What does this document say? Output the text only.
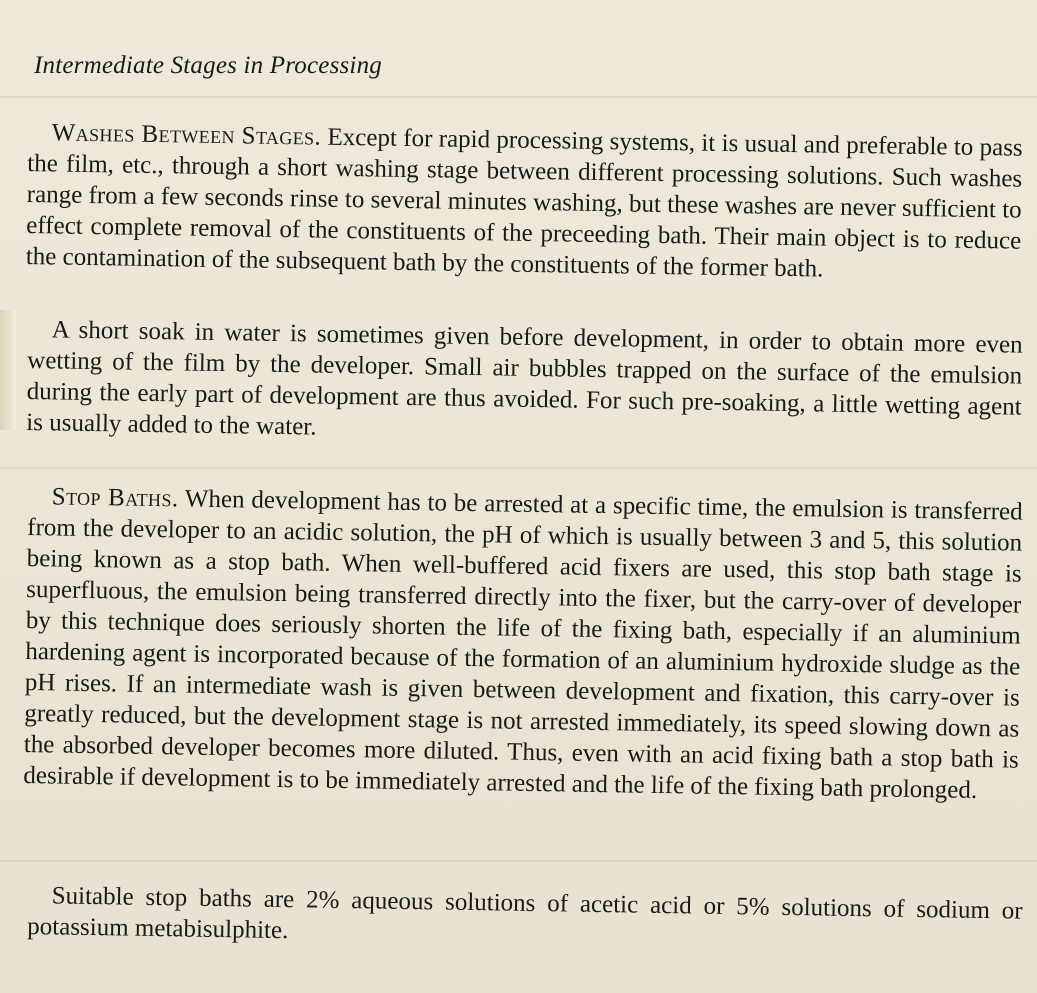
Intermediate Stages in Processing

Washes Between Stages. Except for rapid processing systems, it is usual and preferable to pass the film, etc., through a short washing stage between different processing solutions. Such washes range from a few seconds rinse to several minutes washing, but these washes are never sufficient to effect complete removal of the constituents of the preceeding bath. Their main object is to reduce the contamination of the subsequent bath by the constituents of the former bath.

A short soak in water is sometimes given before development, in order to obtain more even wetting of the film by the developer. Small air bubbles trapped on the surface of the emulsion during the early part of development are thus avoided. For such pre-soaking, a little wetting agent is usually added to the water.

Stop Baths. When development has to be arrested at a specific time, the emulsion is transferred from the developer to an acidic solution, the pH of which is usually between 3 and 5, this solution being known as a stop bath. When well-buffered acid fixers are used, this stop bath stage is superfluous, the emulsion being transferred directly into the fixer, but the carry-over of developer by this technique does seriously shorten the life of the fixing bath, especially if an aluminium hardening agent is incorporated because of the formation of an aluminium hydroxide sludge as the pH rises. If an intermediate wash is given between development and fixation, this carry-over is greatly reduced, but the development stage is not arrested immediately, its speed slowing down as the absorbed developer becomes more diluted. Thus, even with an acid fixing bath a stop bath is desirable if development is to be immediately arrested and the life of the fixing bath prolonged.

Suitable stop baths are 2% aqueous solutions of acetic acid or 5% solutions of sodium or potassium metabisulphite.
